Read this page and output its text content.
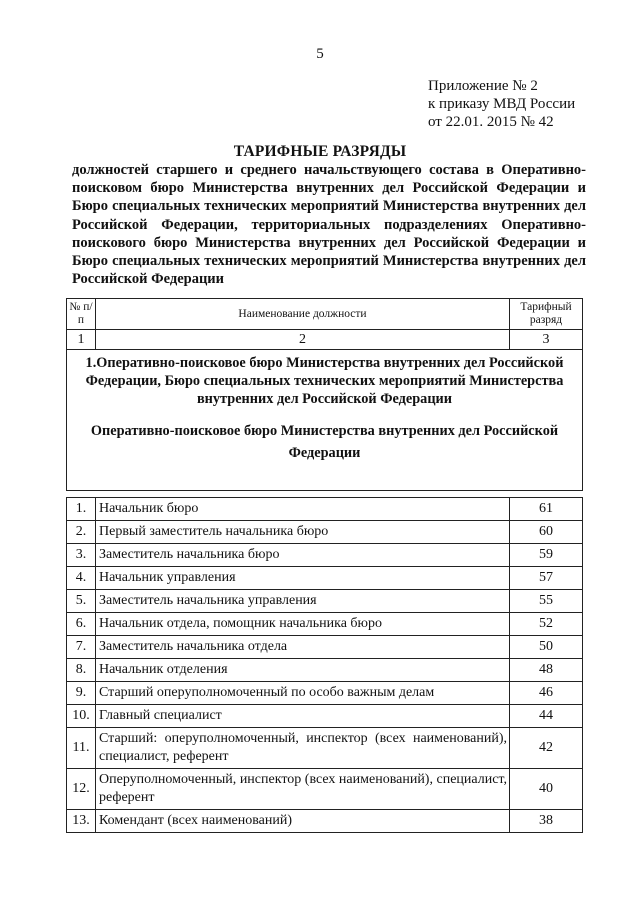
5
Приложение № 2
к приказу МВД России
от 22.01. 2015 № 42
ТАРИФНЫЕ РАЗРЯДЫ
должностей старшего и среднего начальствующего состава в Оперативно-поисковом бюро Министерства внутренних дел Российской Федерации и Бюро специальных технических мероприятий Министерства внутренних дел Российской Федерации, территориальных подразделениях Оперативно-поискового бюро Министерства внутренних дел Российской Федерации и Бюро специальных технических мероприятий Министерства внутренних дел Российской Федерации
№ п/п	Наименование должности	Тарифный разряд
1	2	3

1.Оперативно-поисковое бюро Министерства внутренних дел Российской Федерации, Бюро специальных технических мероприятий Министерства внутренних дел Российской Федерации
Оперативно-поисковое бюро Министерства внутренних дел Российской Федерации		

1.	Начальник бюро	61
2.	Первый заместитель начальника бюро	60
3.	Заместитель начальника бюро	59
4.	Начальник управления	57
5.	Заместитель начальника управления	55
6.	Начальник отдела, помощник начальника бюро	52
7.	Заместитель начальника отдела	50
8.	Начальник отделения	48
9.	Старший оперуполномоченный по особо важным делам	46
10.	Главный специалист	44
11.	Старший: оперуполномоченный, инспектор (всех наименований), специалист, референт	42
12.	Оперуполномоченный, инспектор (всех наименований), специалист, референт	40
13.	Комендант (всех наименований)	38
